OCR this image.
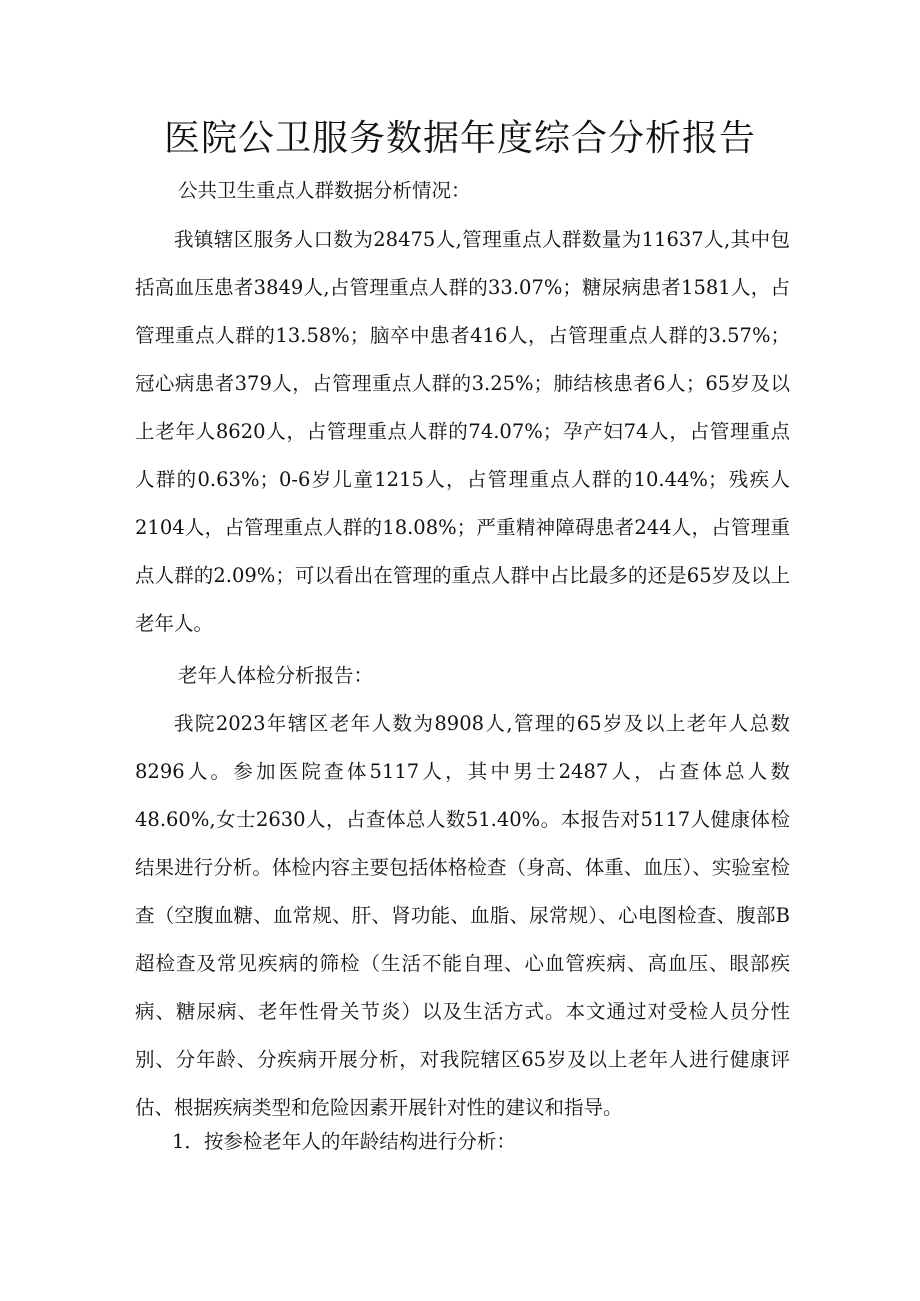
医院公卫服务数据年度综合分析报告

公共卫生重点人群数据分析情况：

我镇辖区服务人口数为28475人,管理重点人群数量为11637人,其中包括高血压患者3849人,占管理重点人群的33.07%；糖尿病患者1581人，占管理重点人群的13.58%；脑卒中患者416人，占管理重点人群的3.57%；冠心病患者379人，占管理重点人群的3.25%；肺结核患者6人；65岁及以上老年人8620人，占管理重点人群的74.07%；孕产妇74人，占管理重点人群的0.63%；0-6岁儿童1215人，占管理重点人群的10.44%；残疾人2104人，占管理重点人群的18.08%；严重精神障碍患者244人，占管理重点人群的2.09%；可以看出在管理的重点人群中占比最多的还是65岁及以上老年人。

老年人体检分析报告：

我院2023年辖区老年人数为8908人,管理的65岁及以上老年人总数8296人。参加医院查体5117人，其中男士2487人，占查体总人数48.60%,女士2630人，占查体总人数51.40%。本报告对5117人健康体检结果进行分析。体检内容主要包括体格检查（身高、体重、血压）、实验室检查（空腹血糖、血常规、肝、肾功能、血脂、尿常规）、心电图检查、腹部B超检查及常见疾病的筛检（生活不能自理、心血管疾病、高血压、眼部疾病、糖尿病、老年性骨关节炎）以及生活方式。本文通过对受检人员分性别、分年龄、分疾病开展分析，对我院辖区65岁及以上老年人进行健康评估、根据疾病类型和危险因素开展针对性的建议和指导。

1．按参检老年人的年龄结构进行分析：
